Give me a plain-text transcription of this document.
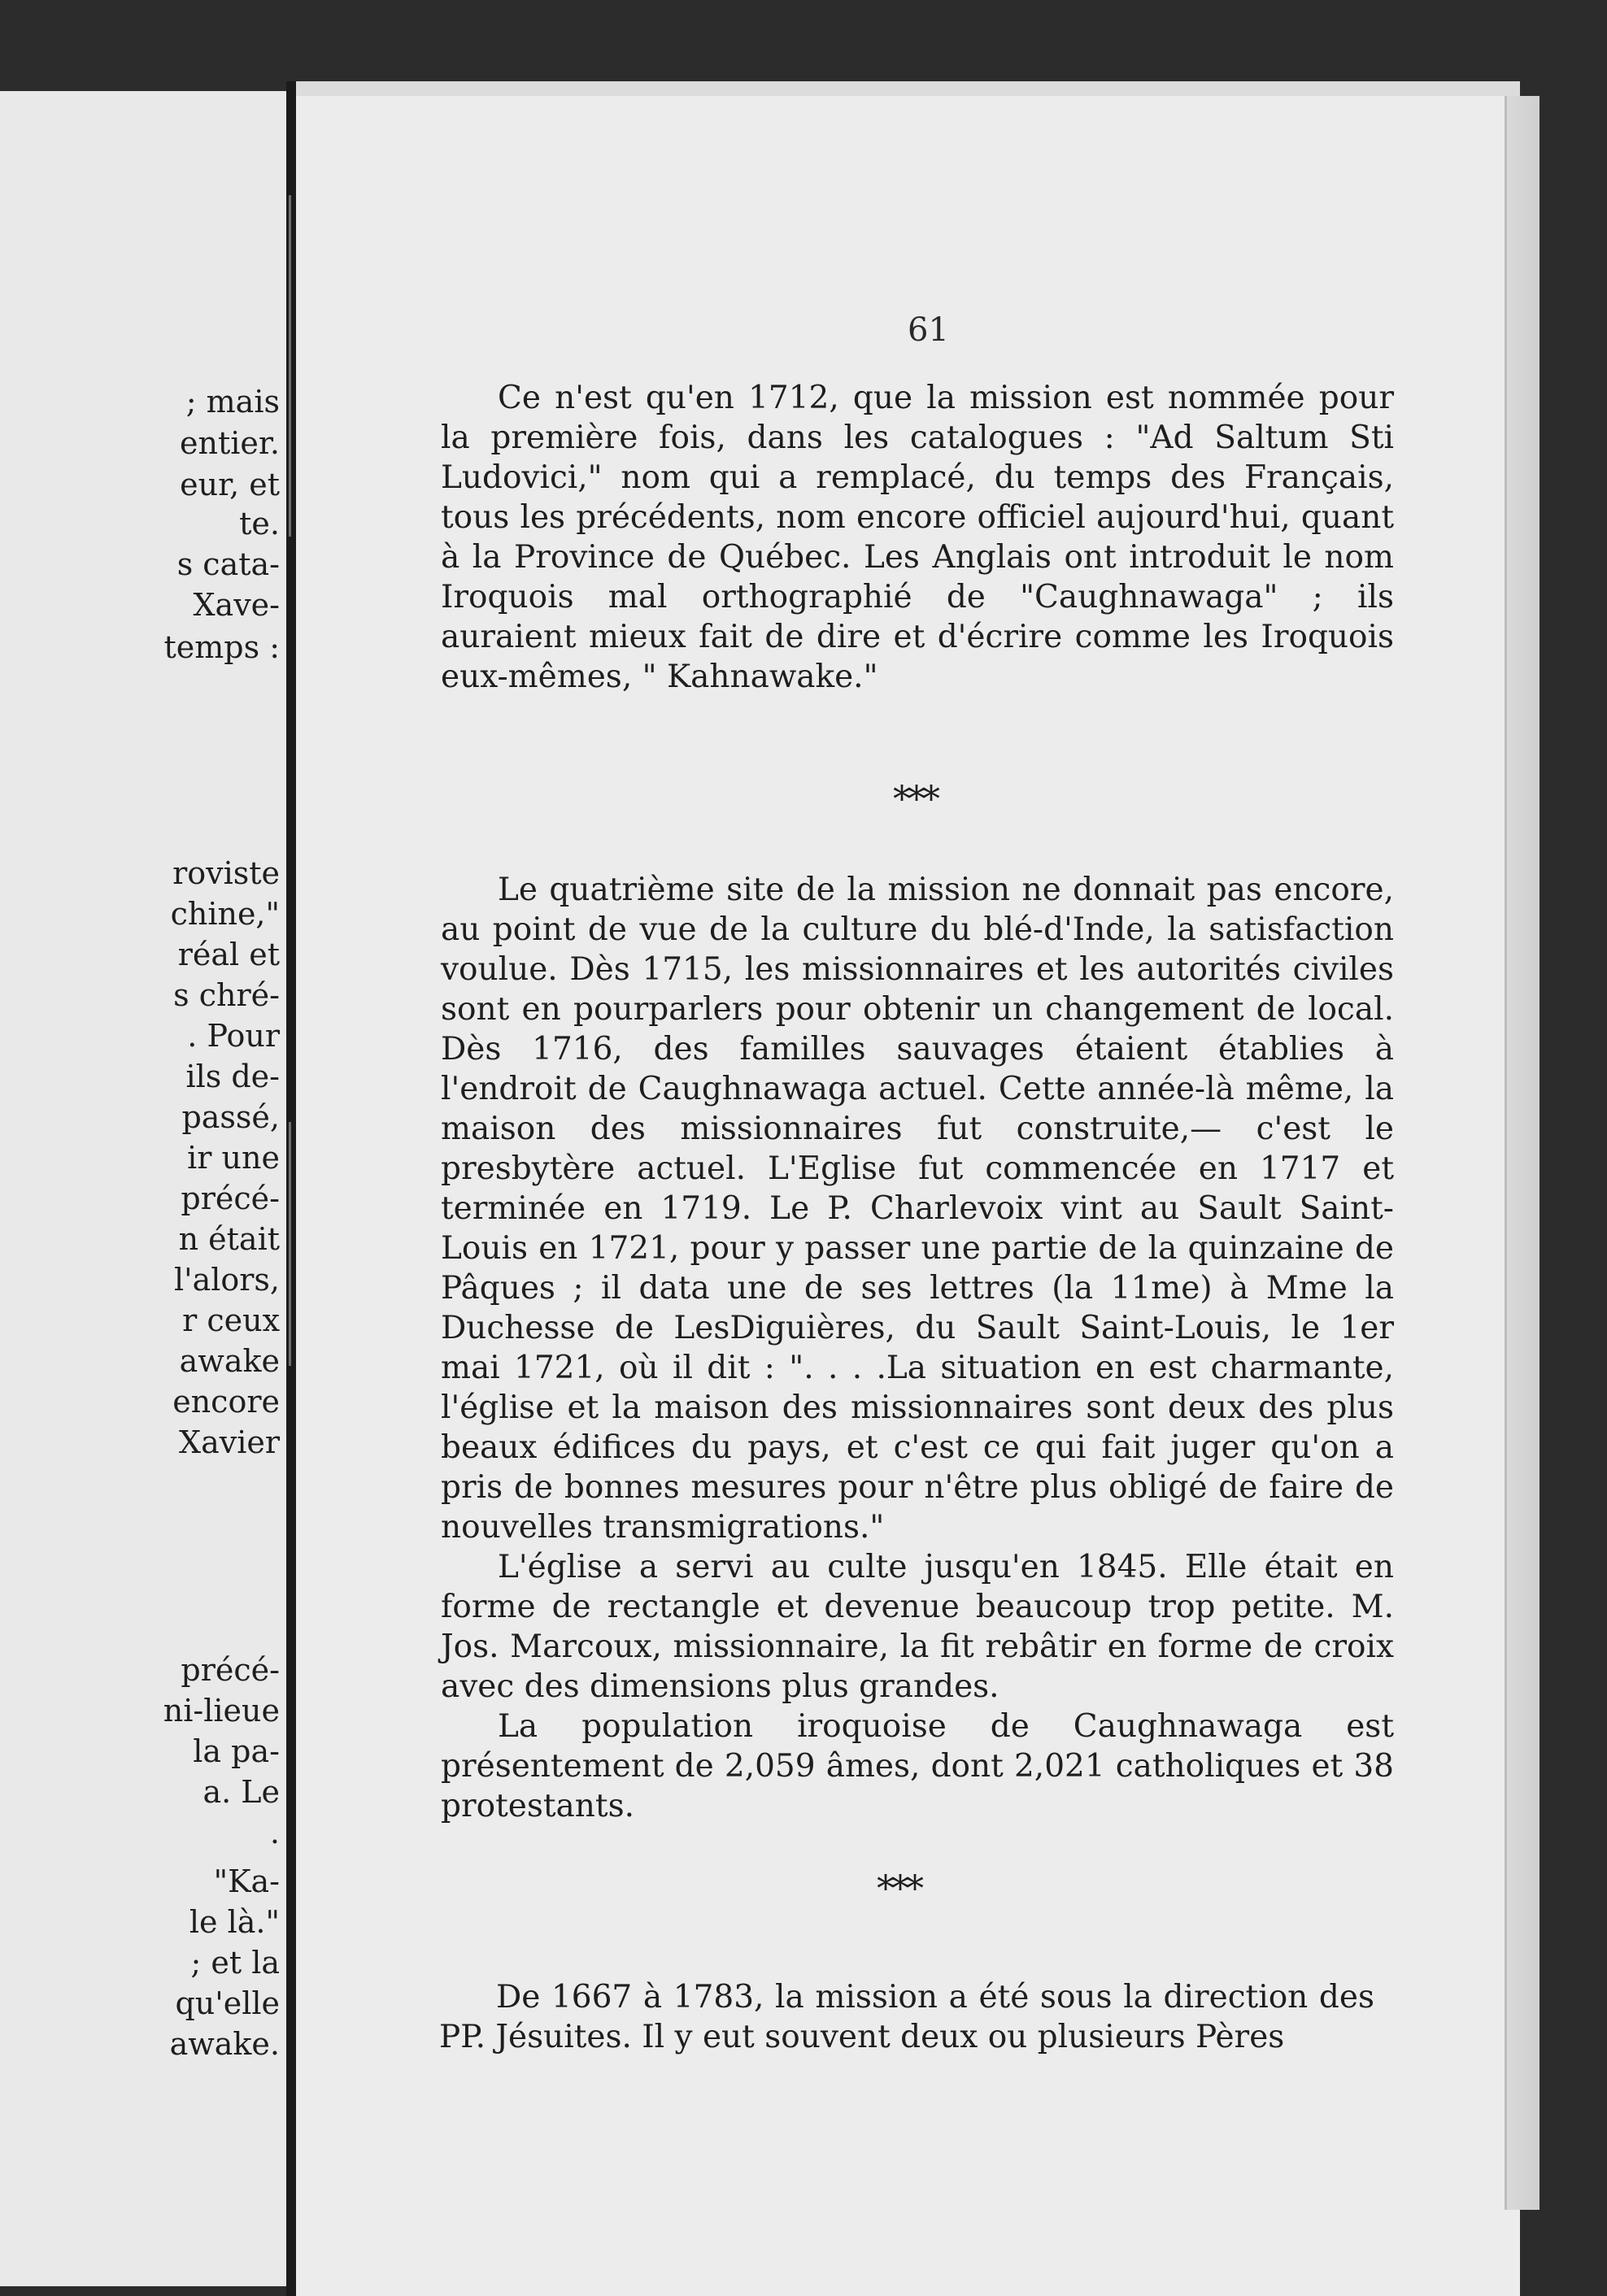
; mais
entier.
eur, et
te.
s cata-
Xave-
temps :
roviste
chine,"
réal et
s chré-
. Pour
ils de-
passé,
ir une
précé-
n était
l'alors,
r ceux
awake
encore
Xavier
précé-
ni-lieue
la pa-
a. Le
.
"Ka-
le là."
; et la
qu'elle
awake.
61

Ce n'est qu'en 1712, que la mission est nommée pour la première fois, dans les catalogues : "Ad Saltum Sti Ludovici," nom qui a remplacé, du temps des Français, tous les précédents, nom encore officiel aujourd'hui, quant à la Province de Québec. Les Anglais ont introduit le nom Iroquois mal orthographié de "Caughnawaga" ; ils auraient mieux fait de dire et d'écrire comme les Iroquois eux-mêmes, " Kahnawake."

***

Le quatrième site de la mission ne donnait pas encore, au point de vue de la culture du blé-d'Inde, la satisfaction voulue. Dès 1715, les missionnaires et les autorités civiles sont en pourparlers pour obtenir un changement de local. Dès 1716, des familles sauvages étaient établies à l'endroit de Caughnawaga actuel. Cette année-là même, la maison des missionnaires fut construite,— c'est le presbytère actuel. L'Eglise fut commencée en 1717 et terminée en 1719. Le P. Charlevoix vint au Sault Saint-Louis en 1721, pour y passer une partie de la quinzaine de Pâques ; il data une de ses lettres (la 11me) à Mme la Duchesse de LesDiguières, du Sault Saint-Louis, le 1er mai 1721, où il dit : ". . . .La situation en est charmante, l'église et la maison des missionnaires sont deux des plus beaux édifices du pays, et c'est ce qui fait juger qu'on a pris de bonnes mesures pour n'être plus obligé de faire de nouvelles transmigrations."

L'église a servi au culte jusqu'en 1845. Elle était en forme de rectangle et devenue beaucoup trop petite. M. Jos. Marcoux, missionnaire, la fit rebâtir en forme de croix avec des dimensions plus grandes.

La population iroquoise de Caughnawaga est présentement de 2,059 âmes, dont 2,021 catholiques et 38 protestants.

***

De 1667 à 1783, la mission a été sous la direction des PP. Jésuites. Il y eut souvent deux ou plusieurs Pères
